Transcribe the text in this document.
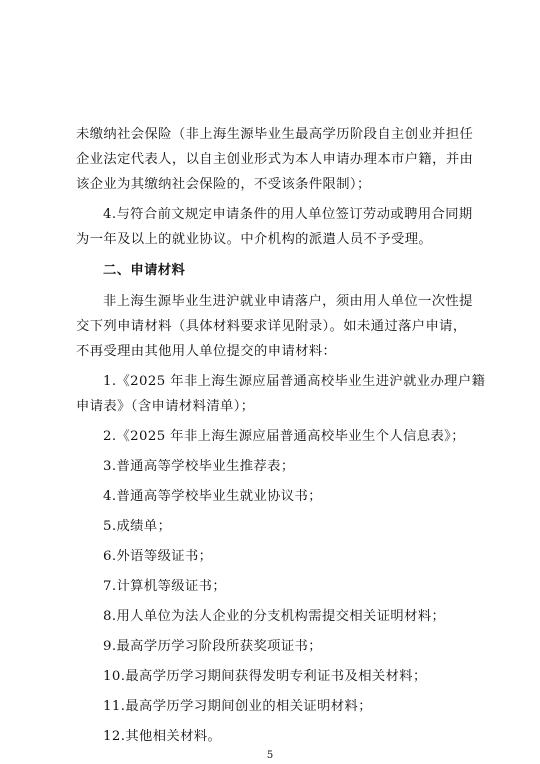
未缴纳社会保险（非上海生源毕业生最高学历阶段自主创业并担任
企业法定代表人，以自主创业形式为本人申请办理本市户籍，并由
该企业为其缴纳社会保险的，不受该条件限制）；
4.与符合前文规定申请条件的用人单位签订劳动或聘用合同期
为一年及以上的就业协议。中介机构的派遣人员不予受理。
二、申请材料
非上海生源毕业生进沪就业申请落户，须由用人单位一次性提
交下列申请材料（具体材料要求详见附录）。如未通过落户申请，
不再受理由其他用人单位提交的申请材料：
1.《2025 年非上海生源应届普通高校毕业生进沪就业办理户籍
申请表》（含申请材料清单）；
2.《2025 年非上海生源应届普通高校毕业生个人信息表》；
3.普通高等学校毕业生推荐表；
4.普通高等学校毕业生就业协议书；
5.成绩单；
6.外语等级证书；
7.计算机等级证书；
8.用人单位为法人企业的分支机构需提交相关证明材料；
9.最高学历学习阶段所获奖项证书；
10.最高学历学习期间获得发明专利证书及相关材料；
11.最高学历学习期间创业的相关证明材料；
12.其他相关材料。
5
